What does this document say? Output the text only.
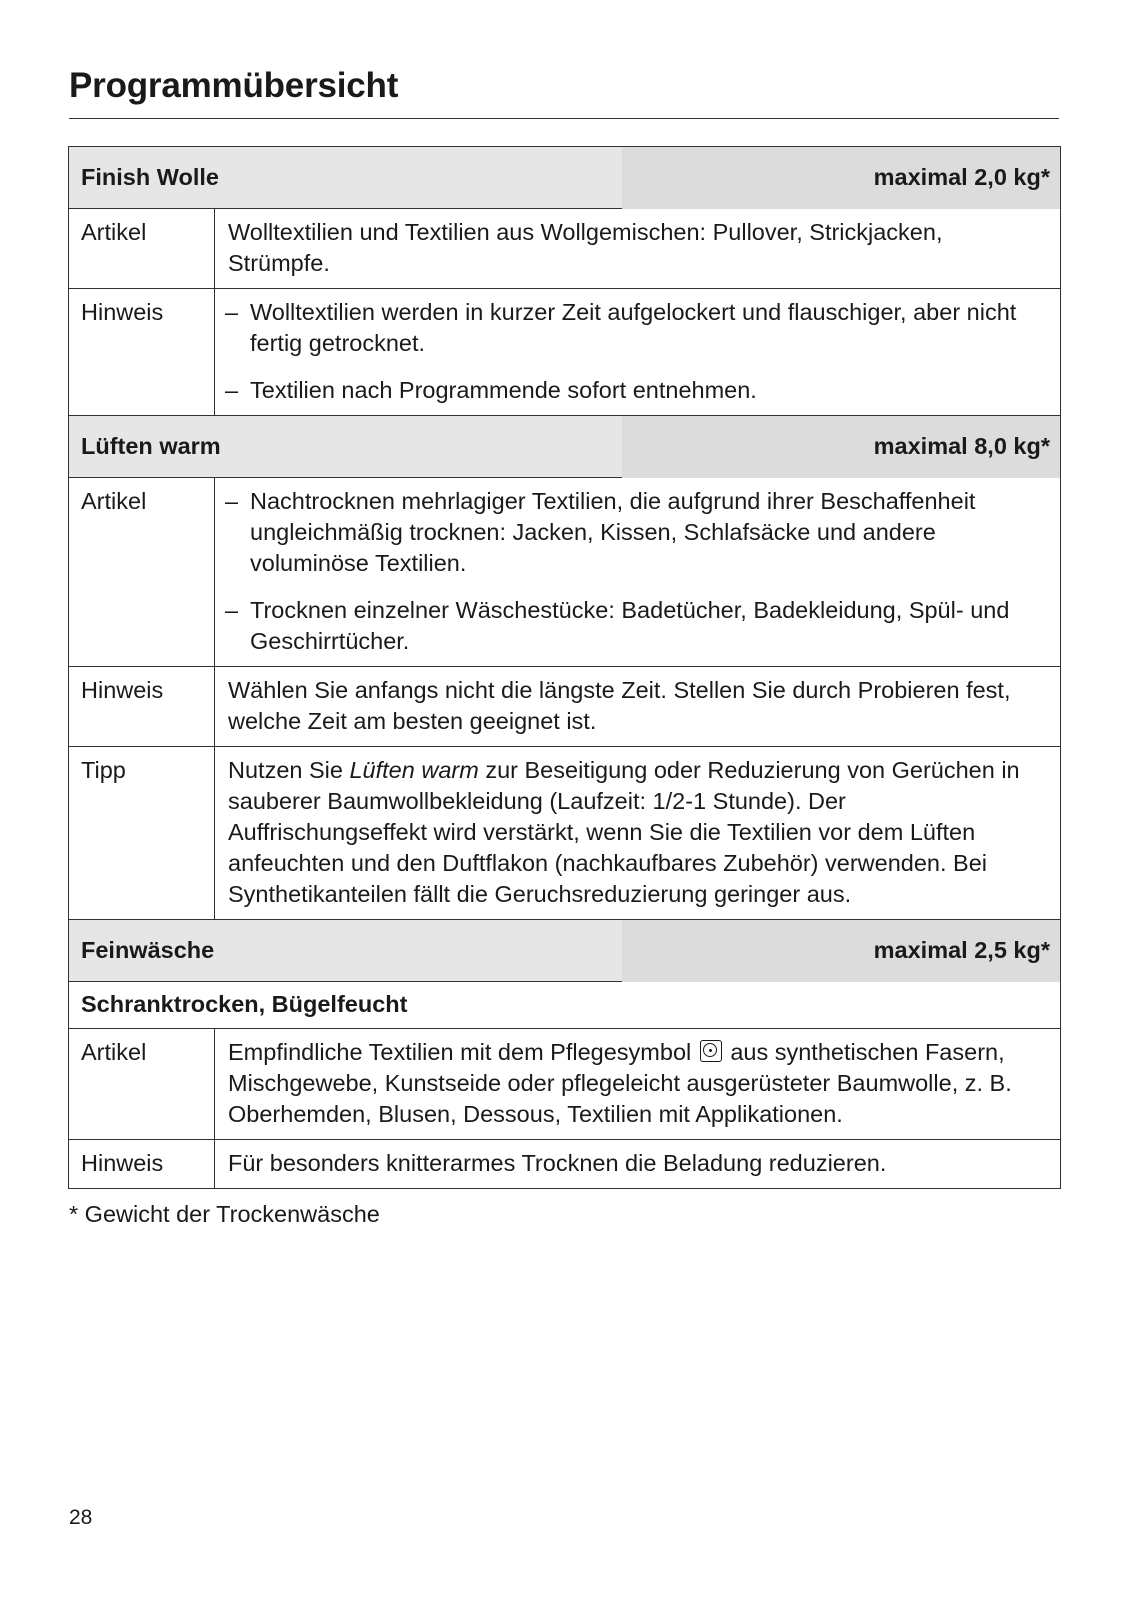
Programmübersicht
Finish Wolle maximal 2,0 kg*	

Artikel	Wolltextilien und Textilien aus Wollgemischen: Pullover, Strickjacken, Strümpfe.
Hinweis	– Wolltextilien werden in kurzer Zeit aufgelockert und flauschiger, aber nicht fertig getrocknet.
– Textilien nach Programmende sofort entnehmen.

Lüften warm maximal 8,0 kg*	

Artikel	– Nachtrocknen mehrlagiger Textilien, die aufgrund ihrer Beschaffenheit ungleichmäßig trocknen: Jacken, Kissen, Schlafsäcke und andere voluminöse Textilien.
– Trocknen einzelner Wäschestücke: Badetücher, Badekleidung, Spül- und Geschirrtücher.

Hinweis	Wählen Sie anfangs nicht die längste Zeit. Stellen Sie durch Probieren fest, welche Zeit am besten geeignet ist.
Tipp	Nutzen Sie Lüften warm zur Beseitigung oder Reduzierung von Gerüchen in sauberer Baumwollbekleidung (Laufzeit: 1/2-1 Stunde). Der Auffrischungseffekt wird verstärkt, wenn Sie die Textilien vor dem Lüften anfeuchten und den Duftflakon (nachkaufbares Zubehör) verwenden. Bei Synthetikanteilen fällt die Geruchsreduzierung geringer aus.

Feinwäsche maximal 2,5 kg*	

Schranktrocken, Bügelfeucht	
Artikel	Empfindliche Textilien mit dem Pflegesymbol aus synthetischen Fasern, Mischgewebe, Kunstseide oder pflegeleicht ausgerüsteter Baumwolle, z. B. Oberhemden, Blusen, Dessous, Textilien mit Applikationen.
Hinweis	Für besonders knitterarmes Trocknen die Beladung reduzieren.
* Gewicht der Trockenwäsche
28
